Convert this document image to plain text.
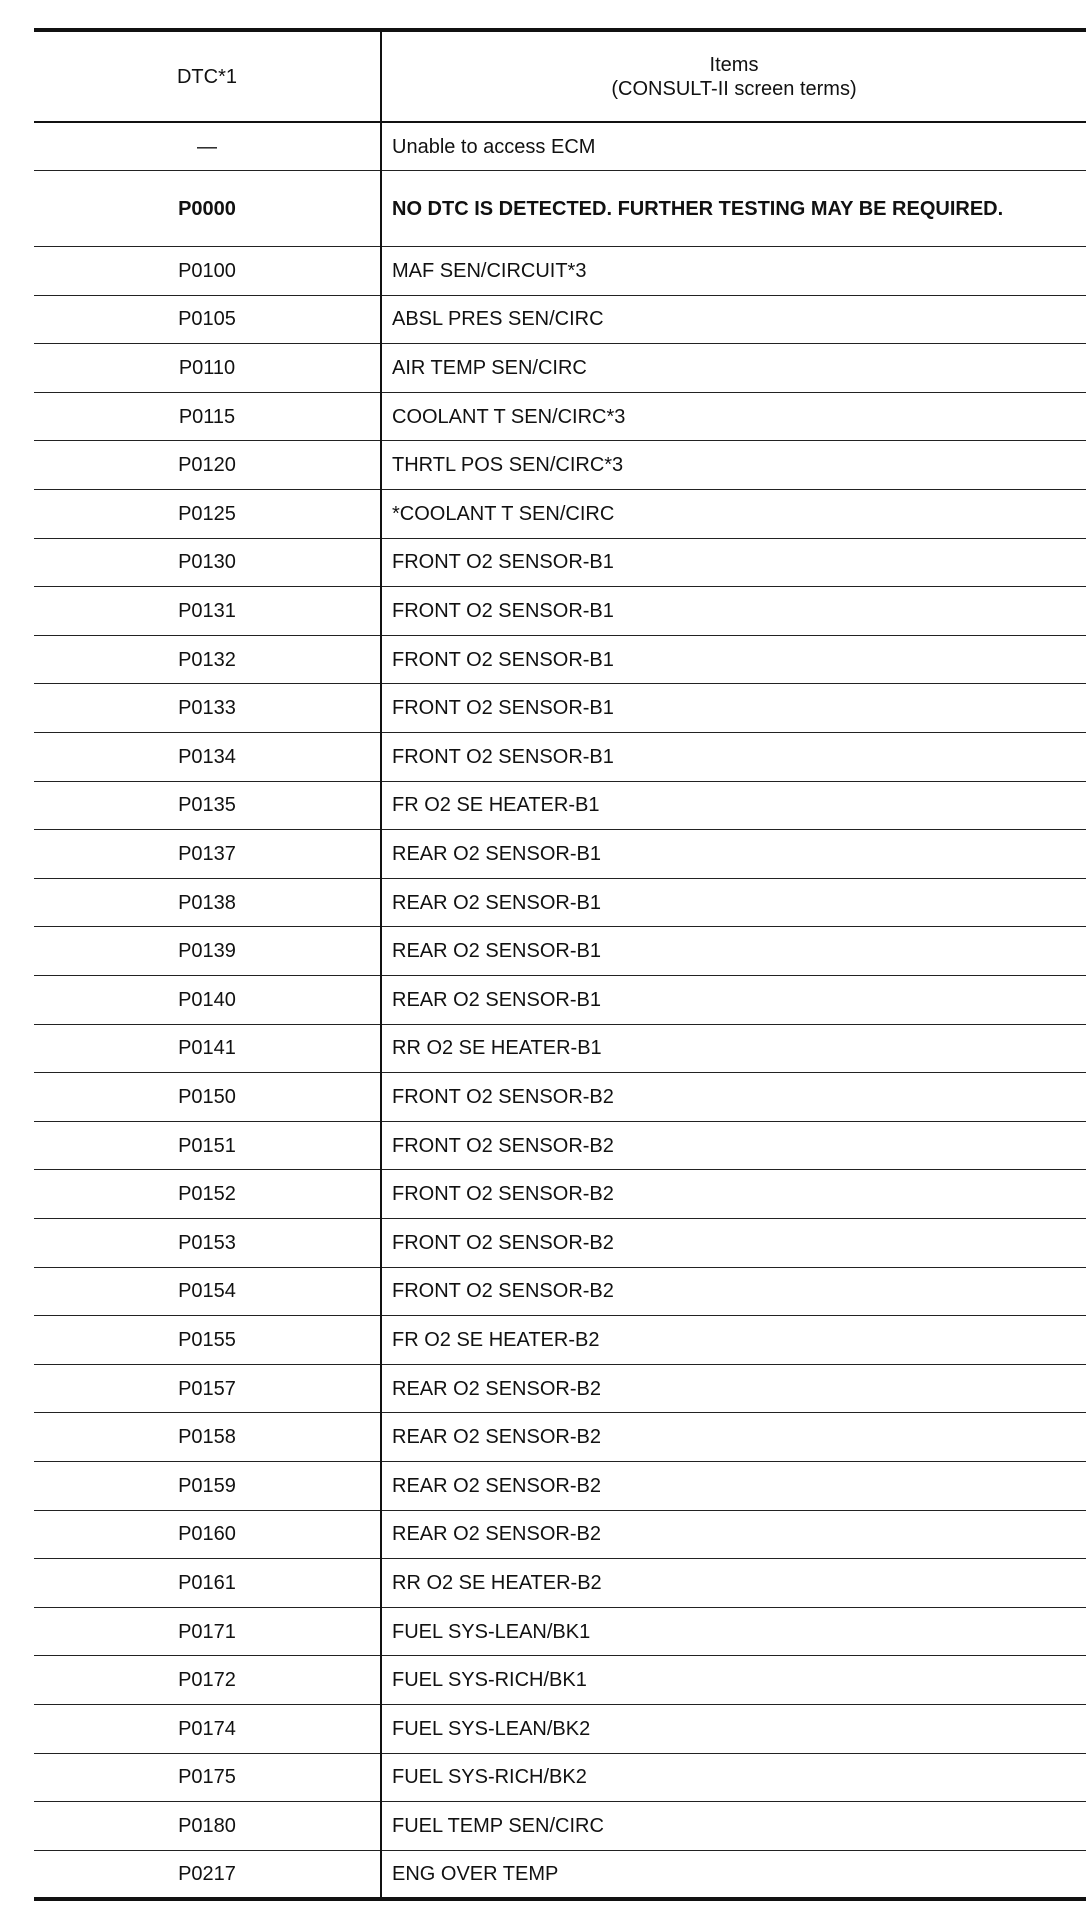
DTC*1	Items
(CONSULT-II screen terms)

—	Unable to access ECM
P0000	NO DTC IS DETECTED. FURTHER TESTING MAY BE REQUIRED.
P0100	MAF SEN/CIRCUIT*3
P0105	ABSL PRES SEN/CIRC
P0110	AIR TEMP SEN/CIRC
P0115	COOLANT T SEN/CIRC*3
P0120	THRTL POS SEN/CIRC*3
P0125	*COOLANT T SEN/CIRC
P0130	FRONT O2 SENSOR-B1
P0131	FRONT O2 SENSOR-B1
P0132	FRONT O2 SENSOR-B1
P0133	FRONT O2 SENSOR-B1
P0134	FRONT O2 SENSOR-B1
P0135	FR O2 SE HEATER-B1
P0137	REAR O2 SENSOR-B1
P0138	REAR O2 SENSOR-B1
P0139	REAR O2 SENSOR-B1
P0140	REAR O2 SENSOR-B1
P0141	RR O2 SE HEATER-B1
P0150	FRONT O2 SENSOR-B2
P0151	FRONT O2 SENSOR-B2
P0152	FRONT O2 SENSOR-B2
P0153	FRONT O2 SENSOR-B2
P0154	FRONT O2 SENSOR-B2
P0155	FR O2 SE HEATER-B2
P0157	REAR O2 SENSOR-B2
P0158	REAR O2 SENSOR-B2
P0159	REAR O2 SENSOR-B2
P0160	REAR O2 SENSOR-B2
P0161	RR O2 SE HEATER-B2
P0171	FUEL SYS-LEAN/BK1
P0172	FUEL SYS-RICH/BK1
P0174	FUEL SYS-LEAN/BK2
P0175	FUEL SYS-RICH/BK2
P0180	FUEL TEMP SEN/CIRC
P0217	ENG OVER TEMP
